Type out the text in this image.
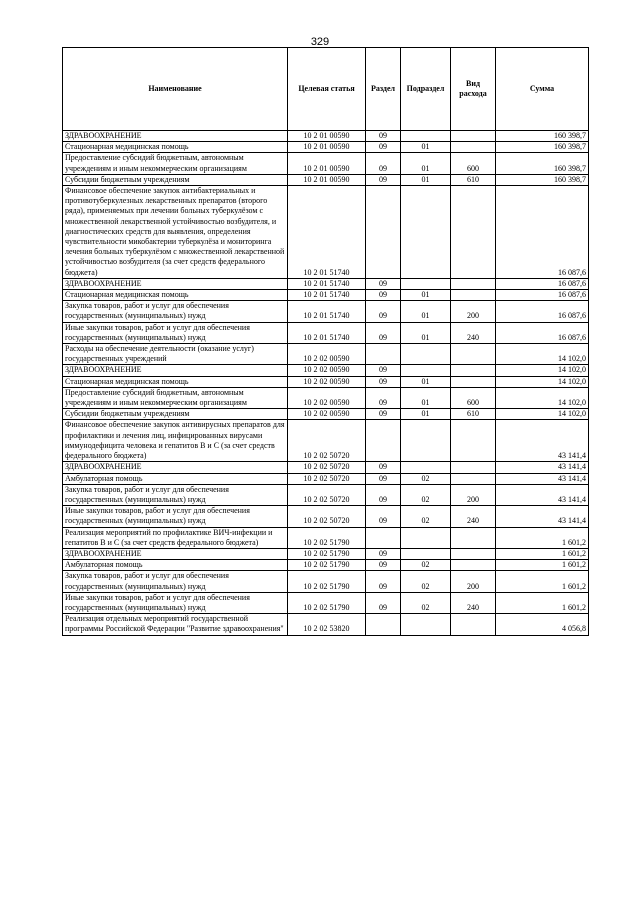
329
Наименование	Целевая статья	Раздел	Подраздел	Вид расхода	Сумма
ЗДРАВООХРАНЕНИЕ	10 2 01 00590	09			160 398,7
Стационарная медицинская помощь	10 2 01 00590	09	01		160 398,7
Предоставление субсидий бюджетным, автономным учреждениям и иным некоммерческим организациям	10 2 01 00590	09	01	600	160 398,7
Субсидии бюджетным учреждениям	10 2 01 00590	09	01	610	160 398,7
Финансовое обеспечение закупок антибактериальных и противотуберкулезных лекарственных препаратов (второго ряда), применяемых при лечении больных туберкулёзом с множественной лекарственной устойчивостью возбудителя, и диагностических средств для выявления, определения чувствительности микобактерии туберкулёза и мониторинга лечения больных туберкулёзом с множественной лекарственной устойчивостью возбудителя (за счет средств федерального бюджета)	10 2 01 51740				16 087,6
ЗДРАВООХРАНЕНИЕ	10 2 01 51740	09			16 087,6
Стационарная медицинская помощь	10 2 01 51740	09	01		16 087,6
Закупка товаров, работ и услуг для обеспечения государственных (муниципальных) нужд	10 2 01 51740	09	01	200	16 087,6
Иные закупки товаров, работ и услуг для обеспечения государственных (муниципальных) нужд	10 2 01 51740	09	01	240	16 087,6
Расходы на обеспечение деятельности (оказание услуг) государственных учреждений	10 2 02 00590				14 102,0
ЗДРАВООХРАНЕНИЕ	10 2 02 00590	09			14 102,0
Стационарная медицинская помощь	10 2 02 00590	09	01		14 102,0
Предоставление субсидий бюджетным, автономным учреждениям и иным некоммерческим организациям	10 2 02 00590	09	01	600	14 102,0
Субсидии бюджетным учреждениям	10 2 02 00590	09	01	610	14 102,0
Финансовое обеспечение закупок антивирусных препаратов для профилактики и лечения лиц, инфицированных вирусами иммунодефицита человека и гепатитов В и С (за счет средств федерального бюджета)	10 2 02 50720				43 141,4
ЗДРАВООХРАНЕНИЕ	10 2 02 50720	09			43 141,4
Амбулаторная помощь	10 2 02 50720	09	02		43 141,4
Закупка товаров, работ и услуг для обеспечения государственных (муниципальных) нужд	10 2 02 50720	09	02	200	43 141,4
Иные закупки товаров, работ и услуг для обеспечения государственных (муниципальных) нужд	10 2 02 50720	09	02	240	43 141,4
Реализация мероприятий по профилактике ВИЧ-инфекции и гепатитов В и С (за счет средств федерального бюджета)	10 2 02 51790				1 601,2
ЗДРАВООХРАНЕНИЕ	10 2 02 51790	09			1 601,2
Амбулаторная помощь	10 2 02 51790	09	02		1 601,2
Закупка товаров, работ и услуг для обеспечения государственных (муниципальных) нужд	10 2 02 51790	09	02	200	1 601,2
Иные закупки товаров, работ и услуг для обеспечения государственных (муниципальных) нужд	10 2 02 51790	09	02	240	1 601,2
Реализация отдельных мероприятий государственной программы Российской Федерации "Развитие здравоохранения"	10 2 02 53820				4 056,8
